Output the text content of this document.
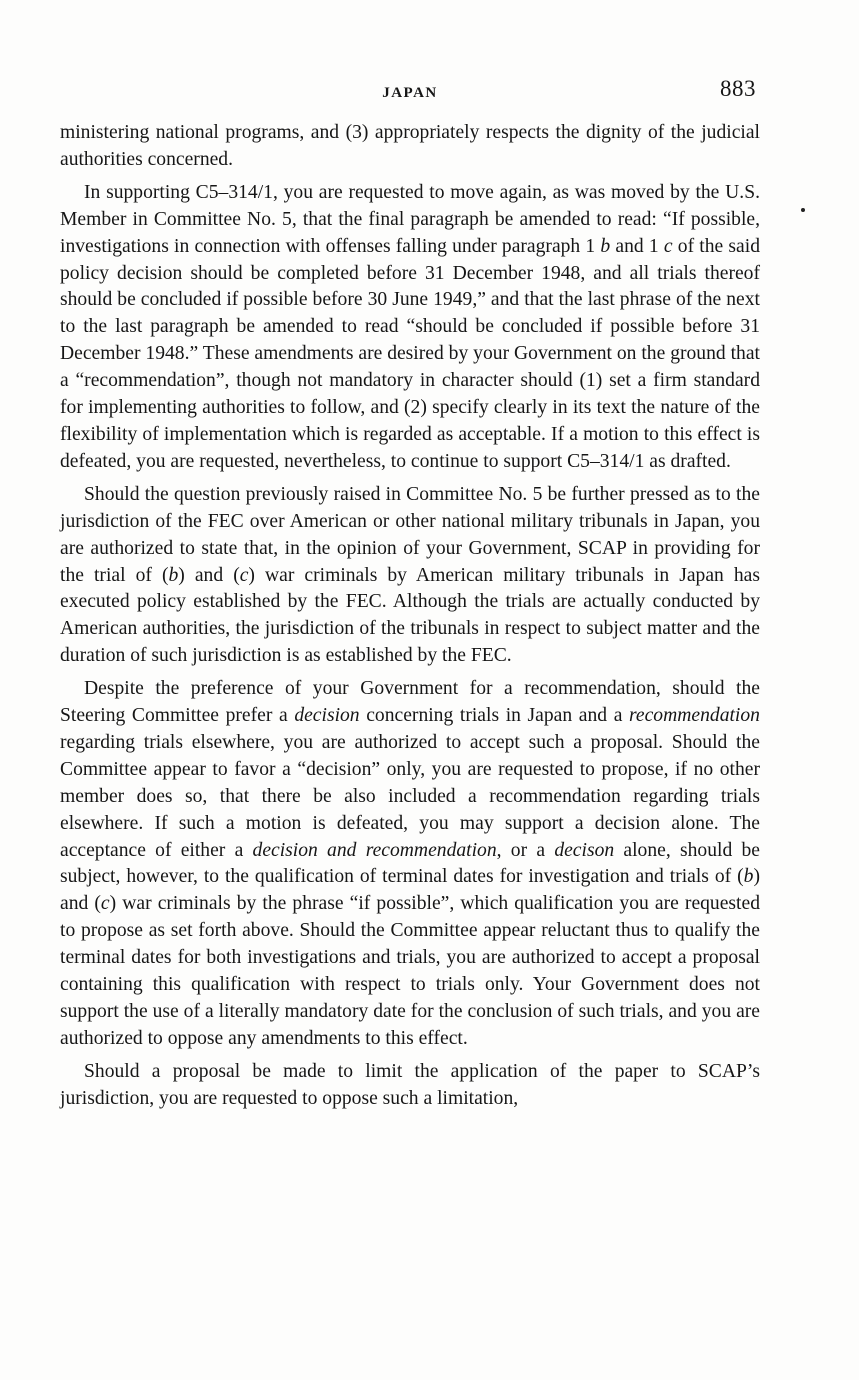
JAPAN	883

ministering national programs, and (3) appropriately respects the dignity of the judicial authorities concerned.

In supporting C5–314/1, you are requested to move again, as was moved by the U.S. Member in Committee No. 5, that the final paragraph be amended to read: “If possible, investigations in connection with offenses falling under paragraph 1 b and 1 c of the said policy decision should be completed before 31 December 1948, and all trials thereof should be concluded if possible before 30 June 1949,” and that the last phrase of the next to the last paragraph be amended to read “should be concluded if possible before 31 December 1948.” These amendments are desired by your Government on the ground that a “recommendation”, though not mandatory in character should (1) set a firm standard for implementing authorities to follow, and (2) specify clearly in its text the nature of the flexibility of implementation which is regarded as acceptable. If a motion to this effect is defeated, you are requested, nevertheless, to continue to support C5–314/1 as drafted.

Should the question previously raised in Committee No. 5 be further pressed as to the jurisdiction of the FEC over American or other national military tribunals in Japan, you are authorized to state that, in the opinion of your Government, SCAP in providing for the trial of (b) and (c) war criminals by American military tribunals in Japan has executed policy established by the FEC. Although the trials are actually conducted by American authorities, the jurisdiction of the tribunals in respect to subject matter and the duration of such jurisdiction is as established by the FEC.

Despite the preference of your Government for a recommendation, should the Steering Committee prefer a decision concerning trials in Japan and a recommendation regarding trials elsewhere, you are authorized to accept such a proposal. Should the Committee appear to favor a “decision” only, you are requested to propose, if no other member does so, that there be also included a recommendation regarding trials elsewhere. If such a motion is defeated, you may support a decision alone. The acceptance of either a decision and recommendation, or a decison alone, should be subject, however, to the qualification of terminal dates for investigation and trials of (b) and (c) war criminals by the phrase “if possible”, which qualification you are requested to propose as set forth above. Should the Committee appear reluctant thus to qualify the terminal dates for both investigations and trials, you are authorized to accept a proposal containing this qualification with respect to trials only. Your Government does not support the use of a literally mandatory date for the conclusion of such trials, and you are authorized to oppose any amendments to this effect.

Should a proposal be made to limit the application of the paper to SCAP’s jurisdiction, you are requested to oppose such a limitation,
